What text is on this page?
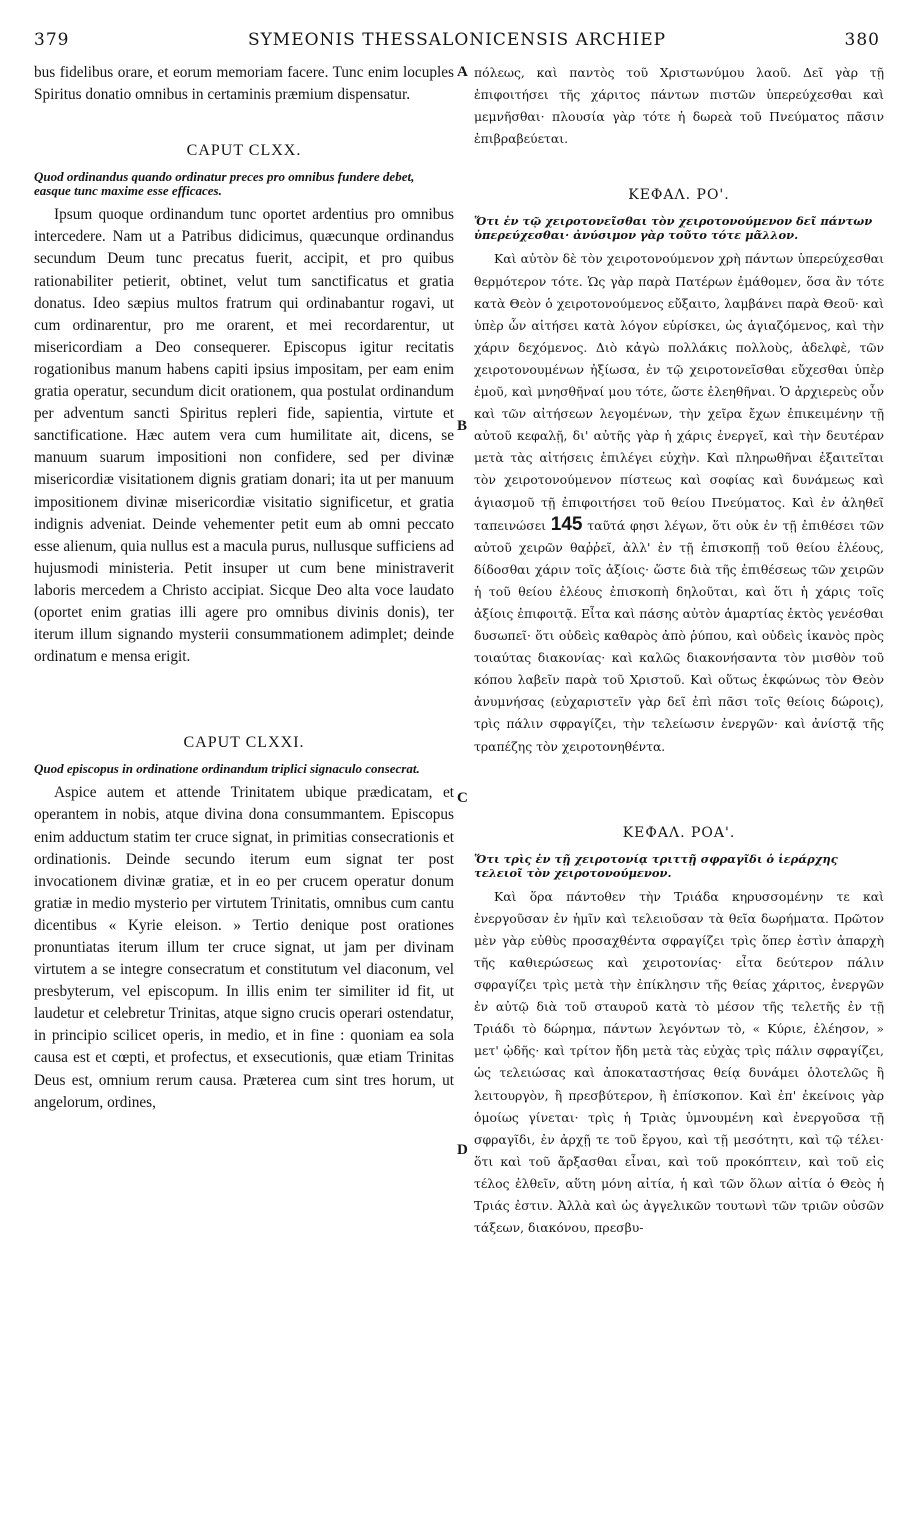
379	SYMEONIS THESSALONICENSIS ARCHIEP	380

bus fidelibus orare, et eorum memoriam facere. Tunc enim locuples Spiritus donatio omnibus in certaminis præmium dispensatur.

CAPUT CLXX.

Quod ordinandus quando ordinatur preces pro omnibus fundere debet, easque tunc maxime esse efficaces.

Ipsum quoque ordinandum tunc oportet ardentius pro omnibus intercedere. Nam ut a Patribus didicimus, quæcunque ordinandus secundum Deum tunc precatus fuerit, accipit, et pro quibus rationabiliter petierit, obtinet, velut tum sanctificatus et gratia donatus. Ideo sæpius multos fratrum qui ordinabantur rogavi, ut cum ordinarentur, pro me orarent, et mei recordarentur, ut misericordiam a Deo consequerer. Episcopus igitur recitatis rogationibus manum habens capiti ipsius impositam, per eam enim gratia operatur, secundum dicit orationem, qua postulat ordinandum per adventum sancti Spiritus repleri fide, sapientia, virtute et sanctificatione. Hæc autem vera cum humilitate ait, dicens, se manuum suarum impositioni non confidere, sed per divinæ misericordiæ visitationem dignis gratiam donari; ita ut per manuum impositionem divinæ misericordiæ visitatio significetur, et gratia indignis adveniat. Deinde vehementer petit eum ab omni peccato esse alienum, quia nullus est a macula purus, nullusque sufficiens ad hujusmodi ministeria. Petit insuper ut cum bene ministraverit laboris mercedem a Christo accipiat. Sicque Deo alta voce laudato (oportet enim gratias illi agere pro omnibus divinis donis), ter iterum illum signando mysterii consummationem adimplet; deinde ordinatum e mensa erigit.

CAPUT CLXXI.

Quod episcopus in ordinatione ordinandum triplici signaculo consecrat.

Aspice autem et attende Trinitatem ubique prædicatam, et operantem in nobis, atque divina dona consummantem. Episcopus enim adductum statim ter cruce signat, in primitias consecrationis et ordinationis. Deinde secundo iterum eum signat ter post invocationem divinæ gratiæ, et in eo per crucem operatur donum gratiæ in medio mysterio per virtutem Trinitatis, omnibus cum cantu dicentibus « Kyrie eleison. » Tertio denique post orationes pronuntiatas iterum illum ter cruce signat, ut jam per divinam virtutem a se integre consecratum et constitutum vel diaconum, vel presbyterum, vel episcopum. In illis enim ter similiter id fit, ut laudetur et celebretur Trinitas, atque signo crucis operari ostendatur, in principio scilicet operis, in medio, et in fine : quoniam ea sola causa est et cœpti, et profectus, et exsecutionis, quæ etiam Trinitas Deus est, omnium rerum causa. Præterea cum sint tres horum, ut angelorum, ordines,

A
B
C
D

πόλεως, καὶ παντὸς τοῦ Χριστωνύμου λαοῦ. Δεῖ γὰρ τῇ ἐπιφοιτήσει τῆς χάριτος πάντων πιστῶν ὑπερεύχεσθαι καὶ μεμνῆσθαι· πλουσία γὰρ τότε ἡ δωρεὰ τοῦ Πνεύματος πᾶσιν ἐπιβραβεύεται.

ΚΕΦΑΛ. ΡΟ'.

Ὅτι ἐν τῷ χειροτονεῖσθαι τὸν χειροτονούμενον δεῖ πάντων ὑπερεύχεσθαι· ἀνύσιμον γὰρ τοῦτο τότε μᾶλλον.

Καὶ αὐτὸν δὲ τὸν χειροτονούμενον χρὴ πάντων ὑπερεύχεσθαι θερμότερον τότε. Ὡς γὰρ παρὰ Πατέρων ἐμάθομεν, ὅσα ἂν τότε κατὰ Θεὸν ὁ χειροτονούμενος εὔξαιτο, λαμβάνει παρὰ Θεοῦ· καὶ ὑπὲρ ὧν αἰτήσει κατὰ λόγον εὑρίσκει, ὡς ἁγιαζόμενος, καὶ τὴν χάριν δεχόμενος. Διὸ κἀγὼ πολλάκις πολλοὺς, ἀδελφὲ, τῶν χειροτονουμένων ἠξίωσα, ἐν τῷ χειροτονεῖσθαι εὔχεσθαι ὑπὲρ ἐμοῦ, καὶ μνησθῆναί μου τότε, ὥστε ἐλεηθῆναι. Ὁ ἀρχιερεὺς οὖν καὶ τῶν αἰτήσεων λεγομένων, τὴν χεῖρα ἔχων ἐπικειμένην τῇ αὐτοῦ κεφαλῇ, δι' αὐτῆς γὰρ ἡ χάρις ἐνεργεῖ, καὶ τὴν δευτέραν μετὰ τὰς αἰτήσεις ἐπιλέγει εὐχὴν. Καὶ πληρωθῆναι ἐξαιτεῖται τὸν χειροτονούμενον πίστεως καὶ σοφίας καὶ δυνάμεως καὶ ἁγιασμοῦ τῇ ἐπιφοιτήσει τοῦ θείου Πνεύματος. Καὶ ἐν ἀληθεῖ ταπεινώσει 145 ταῦτά φησι λέγων, ὅτι οὐκ ἐν τῇ ἐπιθέσει τῶν αὐτοῦ χειρῶν θαῤῥεῖ, ἀλλ' ἐν τῇ ἐπισκοπῇ τοῦ θείου ἐλέους, δίδοσθαι χάριν τοῖς ἀξίοις· ὥστε διὰ τῆς ἐπιθέσεως τῶν χειρῶν ἡ τοῦ θείου ἐλέους ἐπισκοπὴ δηλοῦται, καὶ ὅτι ἡ χάρις τοῖς ἀξίοις ἐπιφοιτᾷ. Εἶτα καὶ πάσης αὐτὸν ἁμαρτίας ἐκτὸς γενέσθαι δυσωπεῖ· ὅτι οὐδεὶς καθαρὸς ἀπὸ ῥύπου, καὶ οὐδεὶς ἱκανὸς πρὸς τοιαύτας διακονίας· καὶ καλῶς διακονήσαντα τὸν μισθὸν τοῦ κόπου λαβεῖν παρὰ τοῦ Χριστοῦ. Καὶ οὕτως ἐκφώνως τὸν Θεὸν ἀνυμνήσας (εὐχαριστεῖν γὰρ δεῖ ἐπὶ πᾶσι τοῖς θείοις δώροις), τρὶς πάλιν σφραγίζει, τὴν τελείωσιν ἐνεργῶν· καὶ ἀνίστᾷ τῆς τραπέζης τὸν χειροτονηθέντα.

ΚΕΦΑΛ. ΡΟΑ'.

Ὅτι τρὶς ἐν τῇ χειροτονίᾳ τριττῇ σφραγῖδι ὁ ἱεράρχης τελειοῖ τὸν χειροτονούμενον.

Καὶ ὅρα πάντοθεν τὴν Τριάδα κηρυσσομένην τε καὶ ἐνεργοῦσαν ἐν ἡμῖν καὶ τελειοῦσαν τὰ θεῖα δωρήματα. Πρῶτον μὲν γὰρ εὐθὺς προσαχθέντα σφραγίζει τρὶς ὅπερ ἐστὶν ἀπαρχὴ τῆς καθιερώσεως καὶ χειροτονίας· εἶτα δεύτερον πάλιν σφραγίζει τρὶς μετὰ τὴν ἐπίκλησιν τῆς θείας χάριτος, ἐνεργῶν ἐν αὐτῷ διὰ τοῦ σταυροῦ κατὰ τὸ μέσον τῆς τελετῆς ἐν τῇ Τριάδι τὸ δώρημα, πάντων λεγόντων τὸ, « Κύριε, ἐλέησον, » μετ' ᾠδῆς· καὶ τρίτον ἤδη μετὰ τὰς εὐχὰς τρὶς πάλιν σφραγίζει, ὡς τελειώσας καὶ ἀποκαταστήσας θείᾳ δυνάμει ὁλοτελῶς ἢ λειτουργὸν, ἢ πρεσβύτερον, ἢ ἐπίσκοπον. Καὶ ἐπ' ἐκείνοις γὰρ ὁμοίως γίνεται· τρὶς ἡ Τριὰς ὑμνουμένη καὶ ἐνεργοῦσα τῇ σφραγῖδι, ἐν ἀρχῇ τε τοῦ ἔργου, καὶ τῇ μεσότητι, καὶ τῷ τέλει· ὅτι καὶ τοῦ ἄρξασθαι εἶναι, καὶ τοῦ προκόπτειν, καὶ τοῦ εἰς τέλος ἐλθεῖν, αὕτη μόνη αἰτία, ἡ καὶ τῶν ὅλων αἰτία ὁ Θεὸς ἡ Τριάς ἐστιν. Ἀλλὰ καὶ ὡς ἀγγελικῶν τουτωνὶ τῶν τριῶν οὐσῶν τάξεων, διακόνου, πρεσβυ-
